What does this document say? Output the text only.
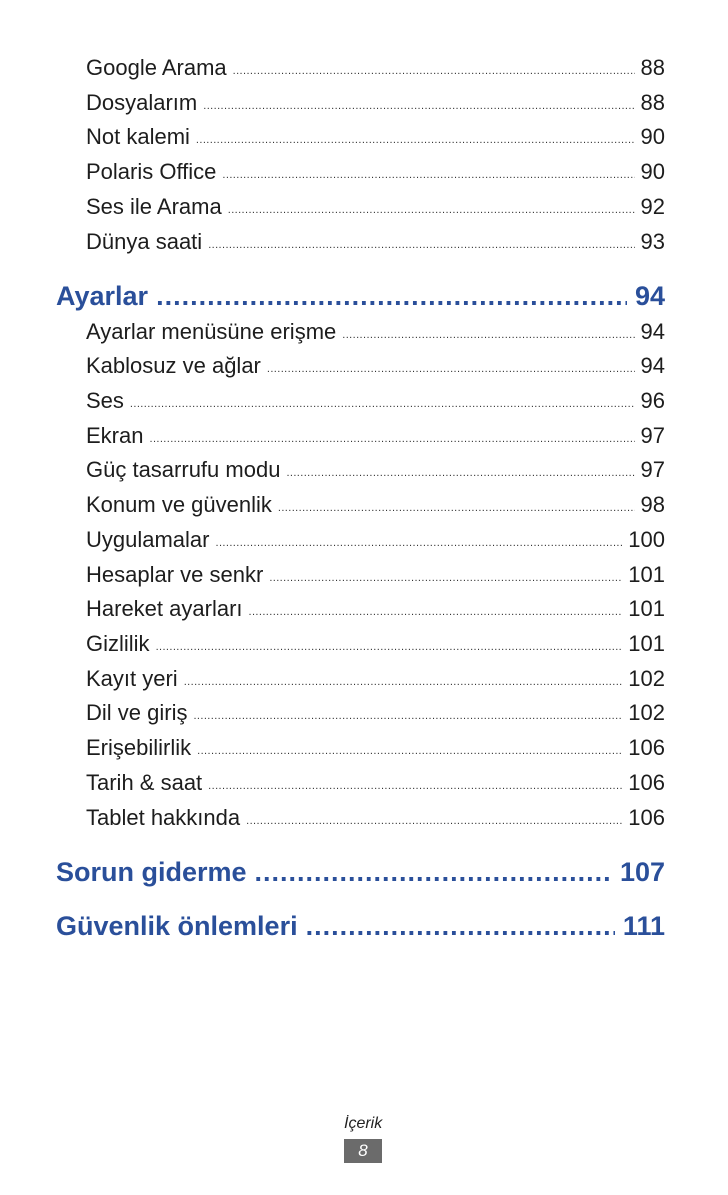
Google Arama .....	88
Dosyalarım .....	88
Not kalemi .....	90
Polaris Office .....	90
Ses ile Arama .....	92
Dünya saati .....	93
Ayarlar .....	94
Ayarlar menüsüne erişme .....	94
Kablosuz ve ağlar .....	94
Ses .....	96
Ekran .....	97
Güç tasarrufu modu .....	97
Konum ve güvenlik .....	98
Uygulamalar .....	100
Hesaplar ve senkr .....	101
Hareket ayarları .....	101
Gizlilik .....	101
Kayıt yeri .....	102
Dil ve giriş .....	102
Erişebilirlik .....	106
Tarih & saat .....	106
Tablet hakkında .....	106
Sorun giderme .....	107
Güvenlik önlemleri .....	111
İçerik
8
